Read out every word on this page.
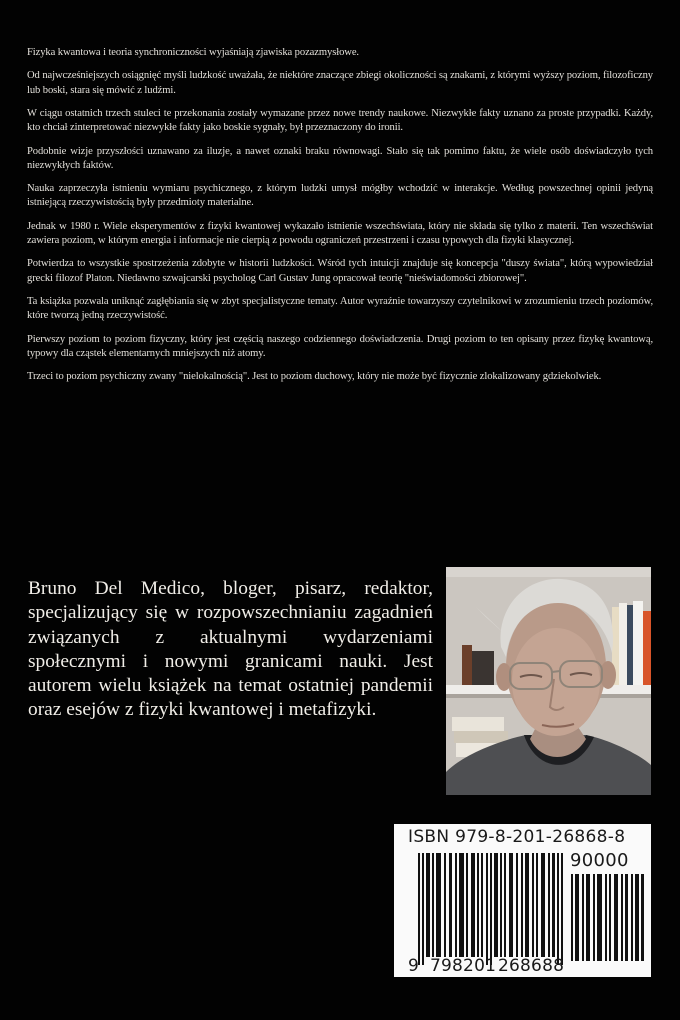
Fizyka kwantowa i teoria synchroniczności wyjaśniają zjawiska pozazmysłowe.

Od najwcześniejszych osiągnięć myśli ludzkość uważała, że niektóre znaczące zbiegi okoliczności są znakami, z którymi wyższy poziom, filozoficzny lub boski, stara się mówić z ludźmi.

W ciągu ostatnich trzech stuleci te przekonania zostały wymazane przez nowe trendy naukowe. Niezwykłe fakty uznano za proste przypadki. Każdy, kto chciał zinterpretować niezwykłe fakty jako boskie sygnały, był przeznaczony do ironii.

Podobnie wizje przyszłości uznawano za iluzje, a nawet oznaki braku równowagi. Stało się tak pomimo faktu, że wiele osób doświadczyło tych niezwykłych faktów.

Nauka zaprzeczyła istnieniu wymiaru psychicznego, z którym ludzki umysł mógłby wchodzić w interakcje. Według powszechnej opinii jedyną istniejącą rzeczywistością były przedmioty materialne.

Jednak w 1980 r. Wiele eksperymentów z fizyki kwantowej wykazało istnienie wszechświata, który nie składa się tylko z materii. Ten wszechświat zawiera poziom, w którym energia i informacje nie cierpią z powodu ograniczeń przestrzeni i czasu typowych dla fizyki klasycznej.

Potwierdza to wszystkie spostrzeżenia zdobyte w historii ludzkości. Wśród tych intuicji znajduje się koncepcja "duszy świata", którą wypowiedział grecki filozof Platon. Niedawno szwajcarski psycholog Carl Gustav Jung opracował teorię "nieświadomości zbiorowej".

Ta książka pozwala uniknąć zagłębiania się w zbyt specjalistyczne tematy. Autor wyraźnie towarzyszy czytelnikowi w zrozumieniu trzech poziomów, które tworzą jedną rzeczywistość.

Pierwszy poziom to poziom fizyczny, który jest częścią naszego codziennego doświadczenia. Drugi poziom to ten opisany przez fizykę kwantową, typowy dla cząstek elementarnych mniejszych niż atomy.

Trzeci to poziom psychiczny zwany "nielokalnością". Jest to poziom duchowy, który nie może być fizycznie zlokalizowany gdziekolwiek.

Bruno Del Medico, bloger, pisarz, redaktor, specjalizujący się w rozpowszechnianiu zagadnień związanych z aktualnymi wydarzeniami społecznymi i nowymi granicami nauki. Jest autorem wielu książek na temat ostatniej pandemii oraz esejów z fizyki kwantowej i metafizyki.

ISBN 979-8-201-26868-8
90000
9 798201 268688
